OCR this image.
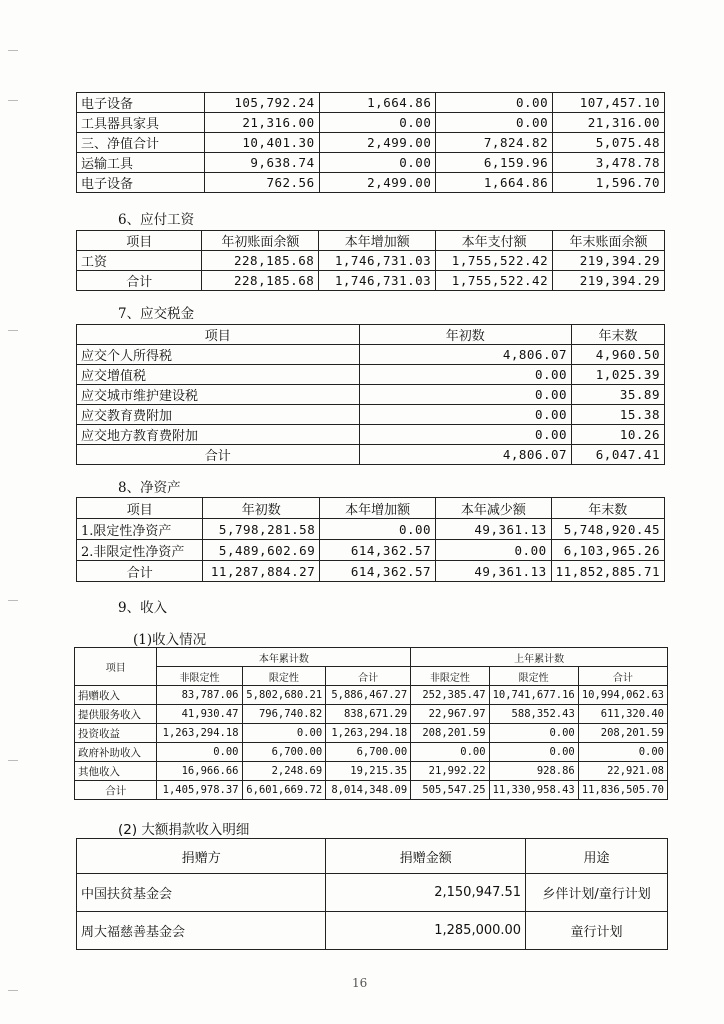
电子设备	105,792.24	1,664.86	0.00	107,457.10
工具器具家具	21,316.00	0.00	0.00	21,316.00
三、净值合计	10,401.30	2,499.00	7,824.82	5,075.48
运输工具	9,638.74	0.00	6,159.96	3,478.78
电子设备	762.56	2,499.00	1,664.86	1,596.70
6、应付工资
项目	年初账面余额	本年增加额	本年支付额	年末账面余额
工资	228,185.68	1,746,731.03	1,755,522.42	219,394.29
合计	228,185.68	1,746,731.03	1,755,522.42	219,394.29
7、应交税金
项目	年初数	年末数
应交个人所得税	4,806.07	4,960.50
应交增值税	0.00	1,025.39
应交城市维护建设税	0.00	35.89
应交教育费附加	0.00	15.38
应交地方教育费附加	0.00	10.26
合计	4,806.07	6,047.41
8、净资产
项目	年初数	本年增加额	本年减少额	年末数
1.限定性净资产	5,798,281.58	0.00	49,361.13	5,748,920.45
2.非限定性净资产	5,489,602.69	614,362.57	0.00	6,103,965.26
合计	11,287,884.27	614,362.57	49,361.13	11,852,885.71
9、收入
(1)收入情况
项目	本年累计数			上年累计数		
	非限定性	限定性	合计	非限定性	限定性	合计
捐赠收入	83,787.06	5,802,680.21	5,886,467.27	252,385.47	10,741,677.16	10,994,062.63
提供服务收入	41,930.47	796,740.82	838,671.29	22,967.97	588,352.43	611,320.40
投资收益	1,263,294.18	0.00	1,263,294.18	208,201.59	0.00	208,201.59
政府补助收入	0.00	6,700.00	6,700.00	0.00	0.00	0.00
其他收入	16,966.66	2,248.69	19,215.35	21,992.22	928.86	22,921.08
合计	1,405,978.37	6,601,669.72	8,014,348.09	505,547.25	11,330,958.43	11,836,505.70
(2) 大额捐款收入明细
捐赠方	捐赠金额	用途
中国扶贫基金会	2,150,947.51	乡伴计划/童行计划
周大福慈善基金会	1,285,000.00	童行计划
16
